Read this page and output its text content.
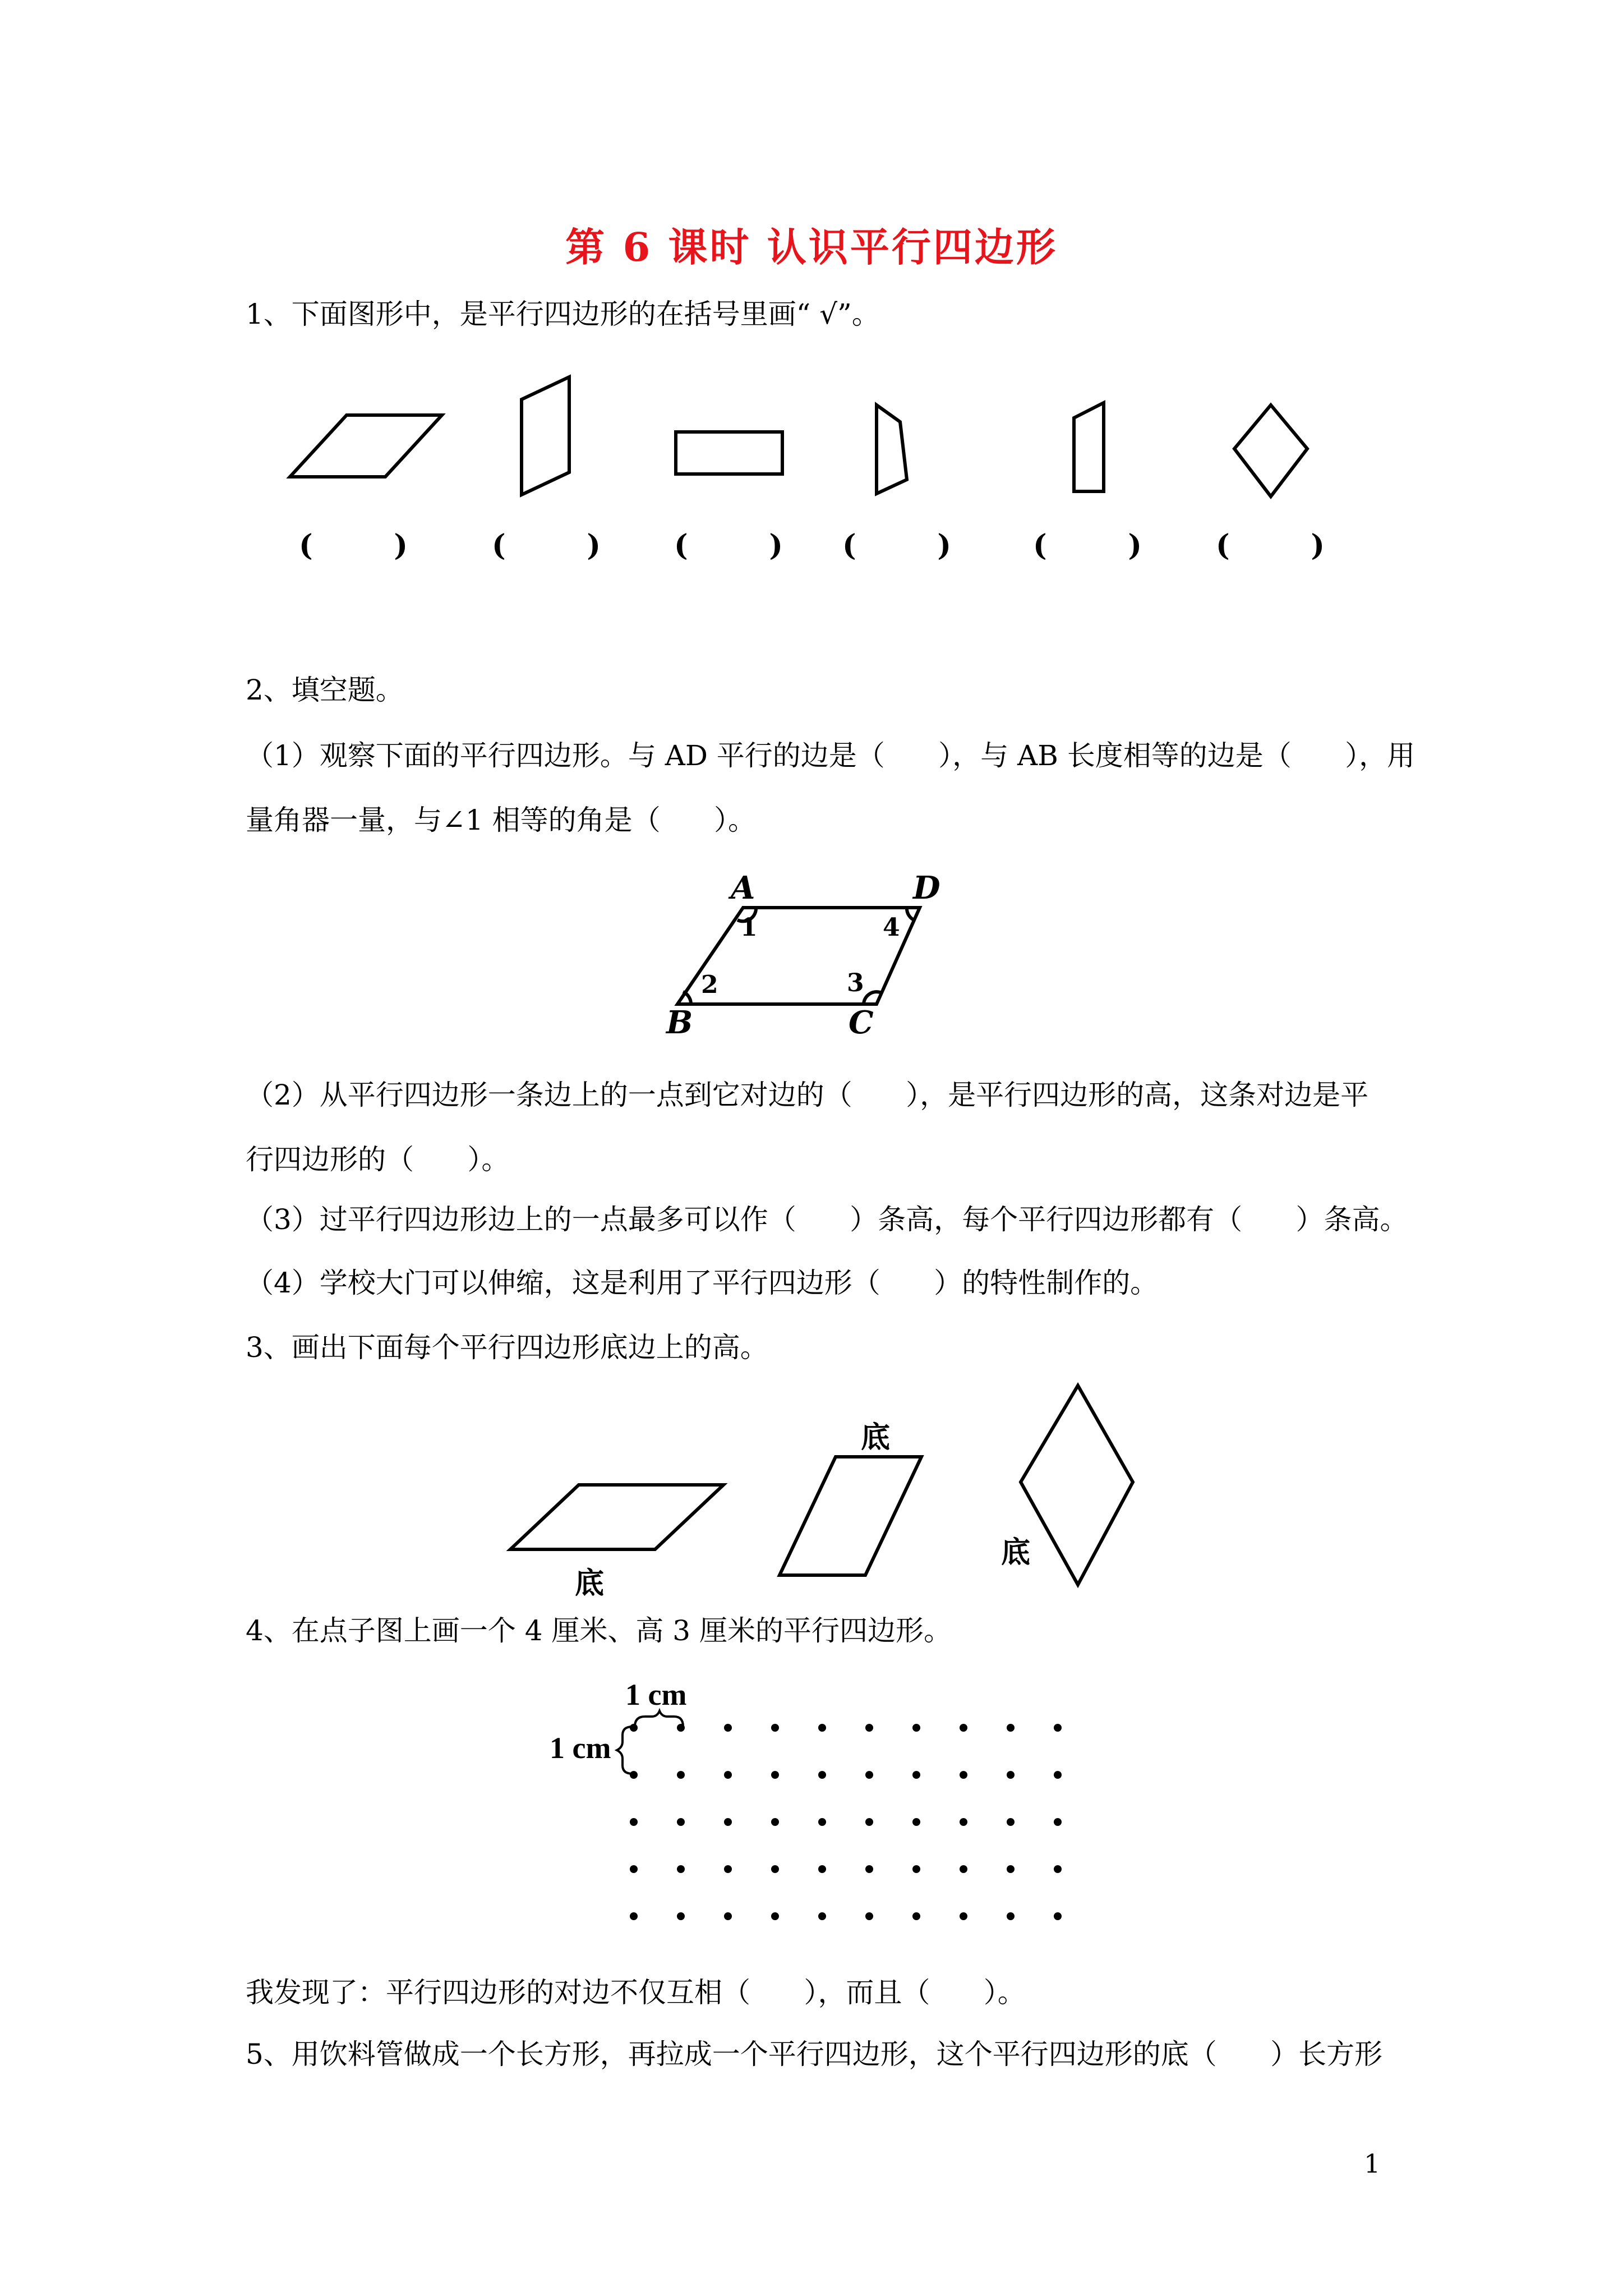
第 6 课时 认识平行四边形
1、下面图形中，是平行四边形的在括号里画“ √”。
(        )	(        )	(        ) (        )	(        )	(        )
2、填空题。
（1）观察下面的平行四边形。与 AD 平行的边是（      ），与 AB 长度相等的边是（      ），用
量角器一量，与∠1 相等的角是（      ）。
A	D
B	C
1
2	3
4
（2）从平行四边形一条边上的一点到它对边的（      ），是平行四边形的高，这条对边是平
行四边形的（      ）。
（3）过平行四边形边上的一点最多可以作（      ）条高，每个平行四边形都有（      ）条高。
（4）学校大门可以伸缩，这是利用了平行四边形（      ）的特性制作的。
3、画出下面每个平行四边形底边上的高。
底
底
底
4、在点子图上画一个 4 厘米、高 3 厘米的平行四边形。
1 cm
1 cm
我发现了：平行四边形的对边不仅互相（      ），而且（      ）。
5、用饮料管做成一个长方形，再拉成一个平行四边形，这个平行四边形的底（      ）长方形
1
